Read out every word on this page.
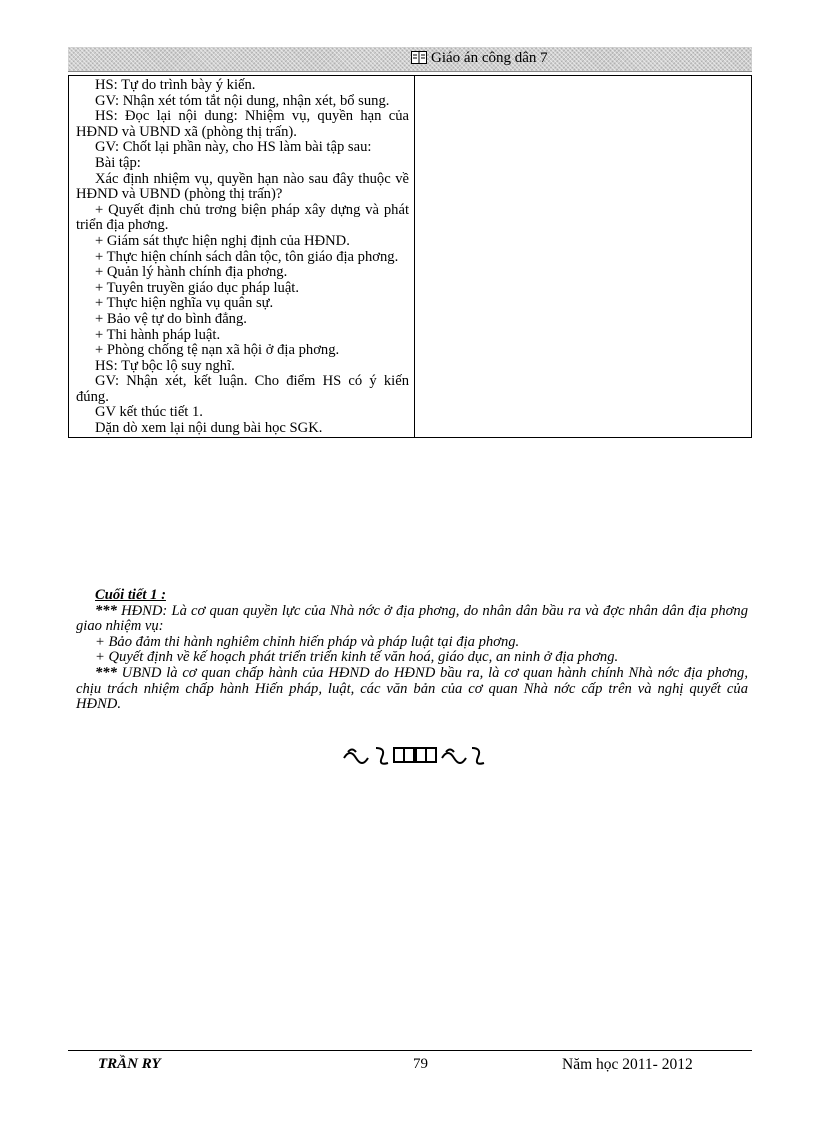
Giáo án công dân 7

HS: Tự do trình bày ý kiến.

GV: Nhận xét tóm tắt nội dung, nhận xét, bổ sung.

HS: Đọc lại nội dung: Nhiệm vụ, quyền hạn của HĐND và UBND xã (phòng thị trấn).

GV: Chốt lại phần này, cho HS làm bài tập sau:

Bài tập:

Xác định nhiệm vụ, quyền hạn nào sau đây thuộc về HĐND và UBND (phòng thị trấn)?

+ Quyết định chủ trơng biện pháp xây dựng và phát triển địa phơng.

+ Giám sát thực hiện nghị định của HĐND.

+ Thực hiện chính sách dân tộc, tôn giáo địa phơng.

+ Quản lý hành chính địa phơng.

+ Tuyên truyền giáo dục pháp luật.

+ Thực hiện nghĩa vụ quân sự.

+ Bảo vệ tự do bình đẳng.

+ Thi hành pháp luật.

+ Phòng chống tệ nạn xã hội ở địa phơng.

HS: Tự bộc lộ suy nghĩ.

GV: Nhận xét, kết luận. Cho điểm HS có ý kiến đúng.

GV kết thúc tiết 1.

Dặn dò xem lại nội dung bài học SGK.

Cuối tiết 1 :

*** HĐND: Là cơ quan quyền lực của Nhà nớc ở địa phơng, do nhân dân bầu ra và đợc nhân dân địa phơng giao nhiệm vụ:

+ Bảo đảm thi hành nghiêm chỉnh hiến pháp và pháp luật tại địa phơng.

+ Quyết định về kế hoạch phát triển triển kinh tế văn hoá, giáo dục, an ninh ở địa phơng.

*** UBND là cơ quan chấp hành của HĐND do HĐND bầu ra, là cơ quan hành chính Nhà nớc địa phơng, chịu trách nhiệm chấp hành Hiến pháp, luật, các văn bản của cơ quan Nhà nớc cấp trên và nghị quyết của HĐND.

TRẦN RY	79	Năm học 2011- 2012
